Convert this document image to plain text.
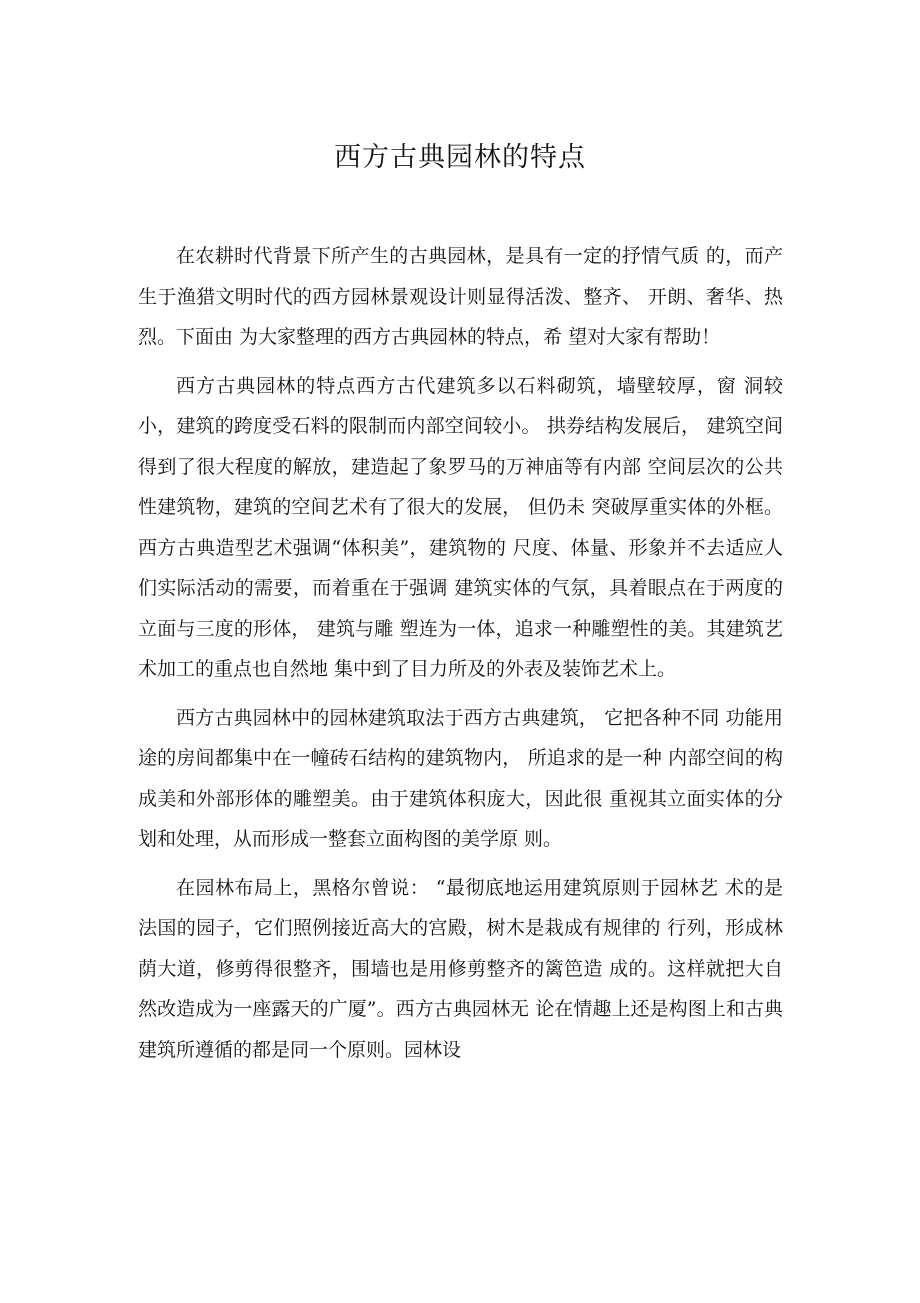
西方古典园林的特点

在农耕时代背景下所产生的古典园林，是具有一定的抒情气质 的，而产生于渔猎文明时代的西方园林景观设计则显得活泼、整齐、 开朗、奢华、热烈。下面由 为大家整理的西方古典园林的特点，希 望对大家有帮助！

西方古典园林的特点西方古代建筑多以石料砌筑，墙壁较厚，窗 洞较小，建筑的跨度受石料的限制而内部空间较小。 拱券结构发展后， 建筑空间得到了很大程度的解放，建造起了象罗马的万神庙等有内部 空间层次的公共性建筑物，建筑的空间艺术有了很大的发展， 但仍未 突破厚重实体的外框。西方古典造型艺术强调“体积美”，建筑物的 尺度、体量、形象并不去适应人们实际活动的需要，而着重在于强调 建筑实体的气氛，具着眼点在于两度的立面与三度的形体， 建筑与雕 塑连为一体，追求一种雕塑性的美。其建筑艺术加工的重点也自然地 集中到了目力所及的外表及装饰艺术上。

西方古典园林中的园林建筑取法于西方古典建筑， 它把各种不同 功能用途的房间都集中在一幢砖石结构的建筑物内， 所追求的是一种 内部空间的构成美和外部形体的雕塑美。由于建筑体积庞大，因此很 重视其立面实体的分划和处理，从而形成一整套立面构图的美学原 则。

在园林布局上，黑格尔曾说： “最彻底地运用建筑原则于园林艺 术的是法国的园子，它们照例接近高大的宫殿，树木是栽成有规律的 行列，形成林荫大道，修剪得很整齐，围墙也是用修剪整齐的篱笆造 成的。这样就把大自然改造成为一座露天的广厦”。西方古典园林无 论在情趣上还是构图上和古典建筑所遵循的都是同一个原则。园林设
